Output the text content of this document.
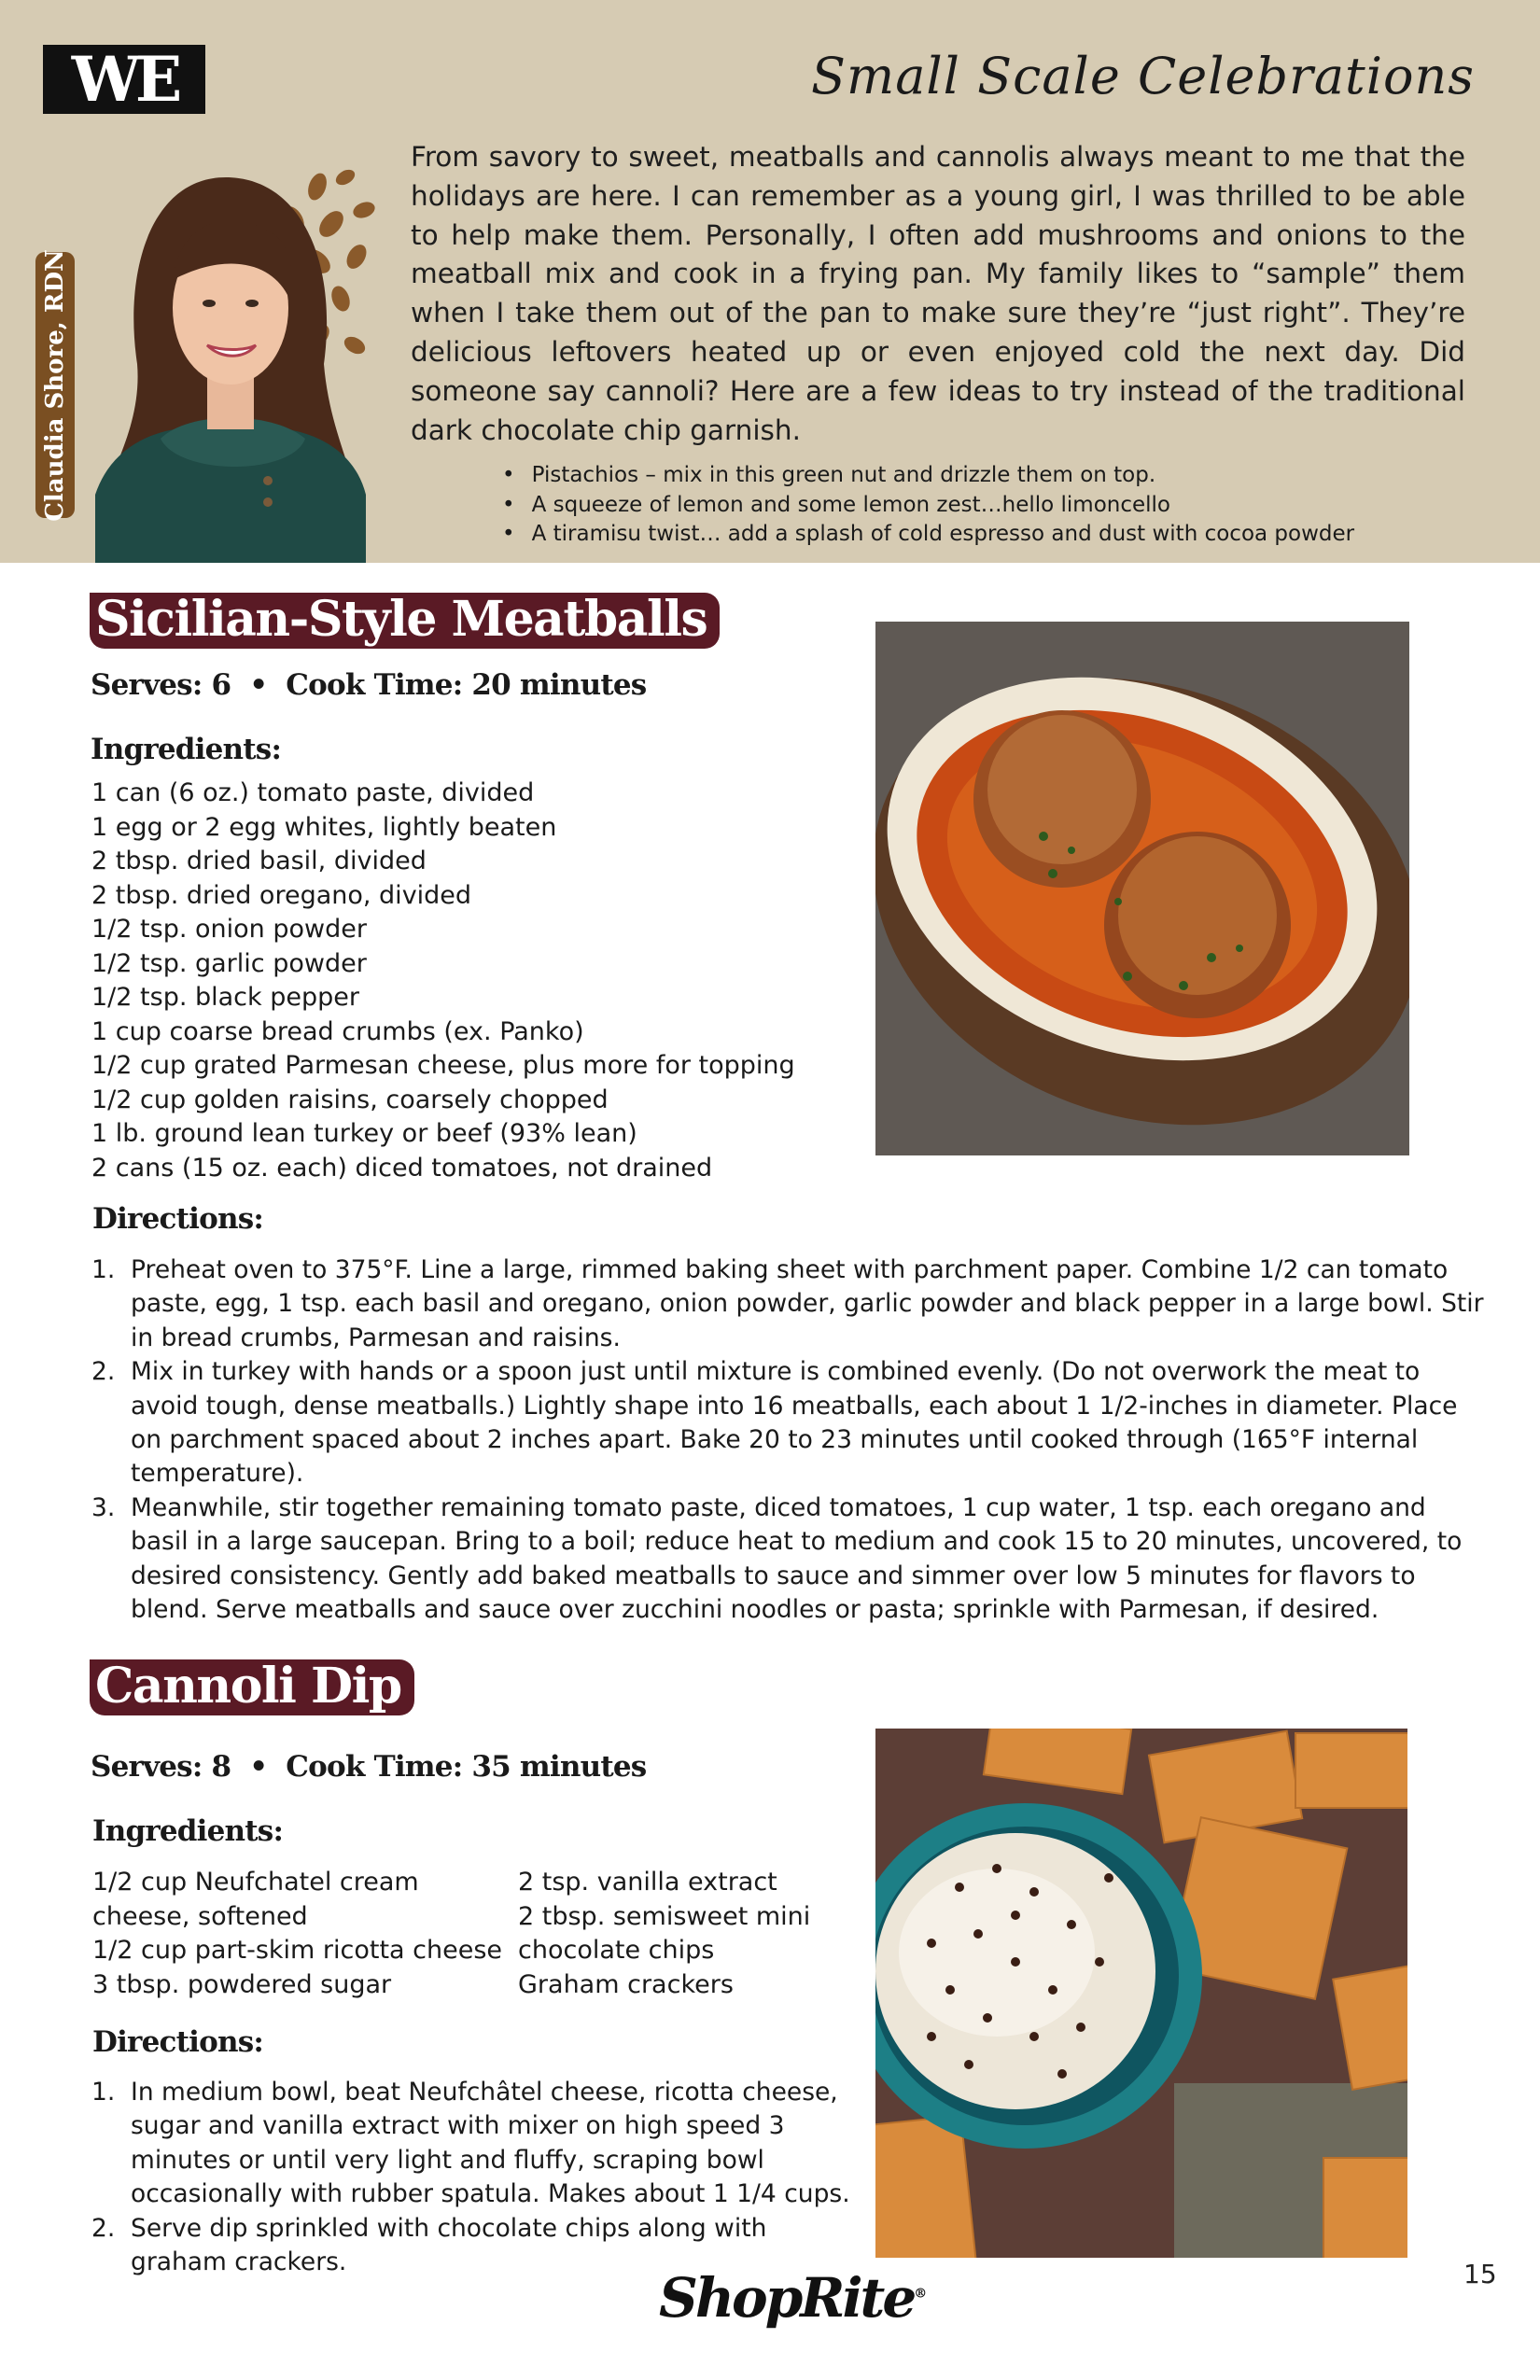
WE	Small Scale Celebrations
Claudia Shore, RDN

From savory to sweet, meatballs and cannolis always meant to me that the holidays are here. I can remember as a young girl, I was thrilled to be able to help make them. Personally, I often add mushrooms and onions to the meatball mix and cook in a frying pan. My family likes to “sample” them when I take them out of the pan to make sure they’re “just right”. They’re delicious leftovers heated up or even enjoyed cold the next day. Did someone say cannoli? Here are a few ideas to try instead of the traditional dark chocolate chip garnish.

• Pistachios – mix in this green nut and drizzle them on top.
• A squeeze of lemon and some lemon zest…hello limoncello
• A tiramisu twist… add a splash of cold espresso and dust with cocoa powder
Sicilian-Style Meatballs
Serves: 6 • Cook Time: 20 minutes
Ingredients:
1 can (6 oz.) tomato paste, divided
1 egg or 2 egg whites, lightly beaten
2 tbsp. dried basil, divided
2 tbsp. dried oregano, divided
1/2 tsp. onion powder
1/2 tsp. garlic powder
1/2 tsp. black pepper
1 cup coarse bread crumbs (ex. Panko)
1/2 cup grated Parmesan cheese, plus more for topping
1/2 cup golden raisins, coarsely chopped
1 lb. ground lean turkey or beef (93% lean)
2 cans (15 oz. each) diced tomatoes, not drained
Directions:
1. Preheat oven to 375°F. Line a large, rimmed baking sheet with parchment paper. Combine 1/2 can tomato paste, egg, 1 tsp. each basil and oregano, onion powder, garlic powder and black pepper in a large bowl. Stir in bread crumbs, Parmesan and raisins.
2. Mix in turkey with hands or a spoon just until mixture is combined evenly. (Do not overwork the meat to avoid tough, dense meatballs.) Lightly shape into 16 meatballs, each about 1 1/2-inches in diameter. Place on parchment spaced about 2 inches apart. Bake 20 to 23 minutes until cooked through (165°F internal temperature).
3. Meanwhile, stir together remaining tomato paste, diced tomatoes, 1 cup water, 1 tsp. each oregano and basil in a large saucepan. Bring to a boil; reduce heat to medium and cook 15 to 20 minutes, uncovered, to desired consistency. Gently add baked meatballs to sauce and simmer over low 5 minutes for flavors to blend. Serve meatballs and sauce over zucchini noodles or pasta; sprinkle with Parmesan, if desired.
Cannoli Dip
Serves: 8 • Cook Time: 35 minutes
Ingredients:
1/2 cup Neufchatel cream
cheese, softened
1/2 cup part-skim ricotta cheese
3 tbsp. powdered sugar
2 tsp. vanilla extract
2 tbsp. semisweet mini
chocolate chips
Graham crackers
Directions:
1. In medium bowl, beat Neufchâtel cheese, ricotta cheese, sugar and vanilla extract with mixer on high speed 3 minutes or until very light and fluffy, scraping bowl occasionally with rubber spatula. Makes about 1 1/4 cups.
2. Serve dip sprinkled with chocolate chips along with graham crackers.
ShopRite®
15
